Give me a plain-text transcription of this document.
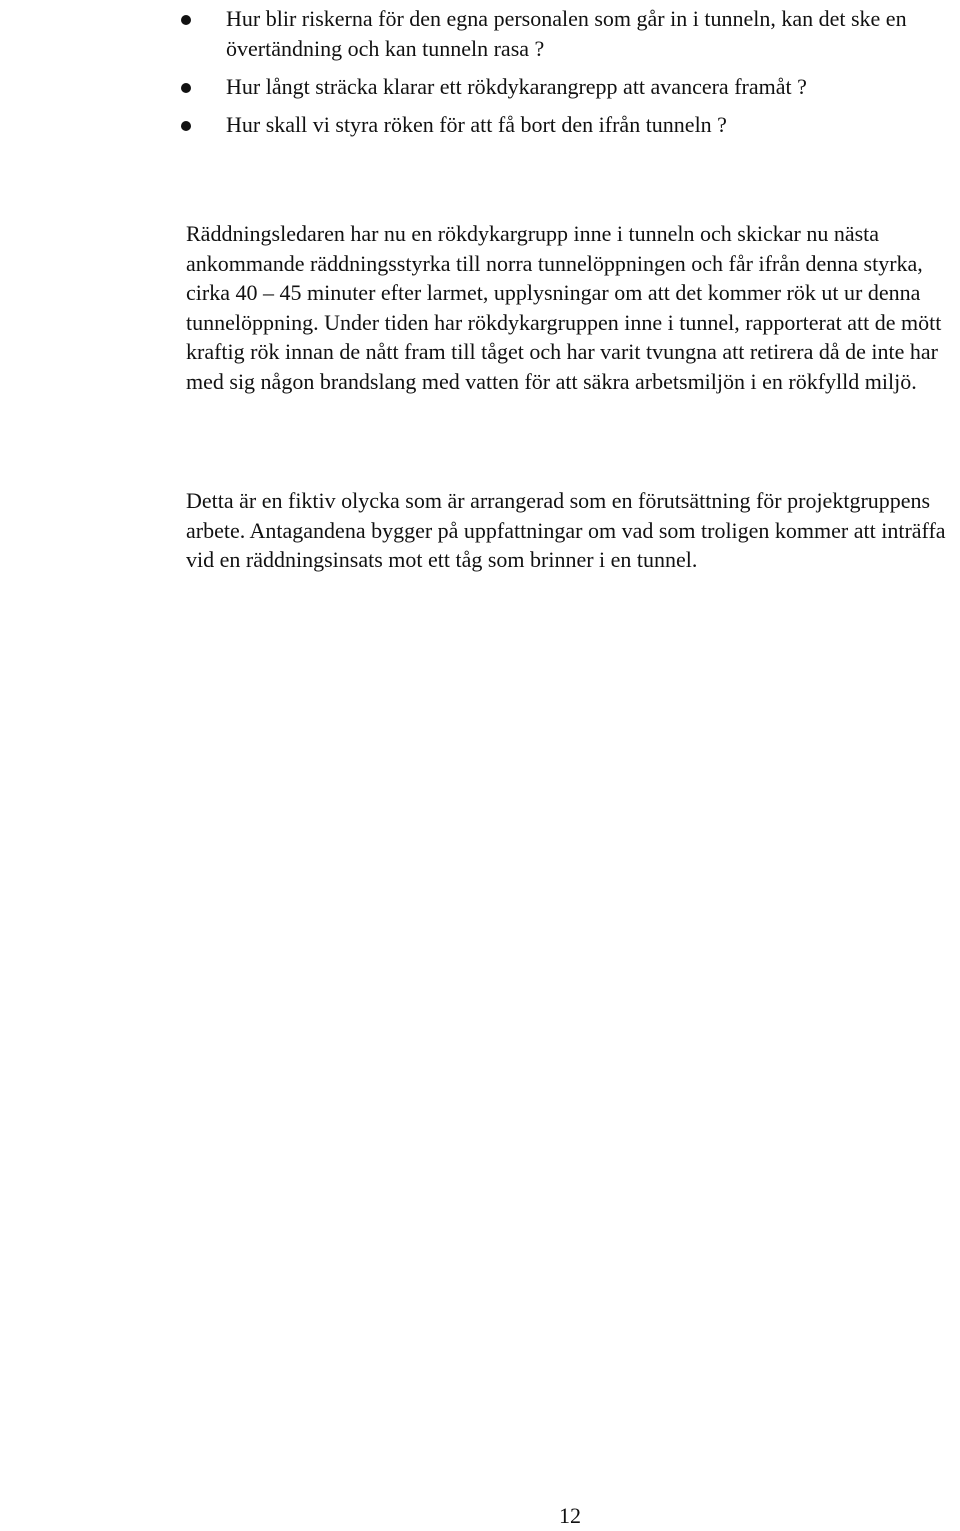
Hur blir riskerna för den egna personalen som går in i tunneln, kan det ske en övertändning och kan tunneln rasa ?
Hur långt sträcka klarar ett rökdykarangrepp att avancera framåt ?
Hur skall vi styra röken för att få bort den ifrån tunneln ?

Räddningsledaren har nu en rökdykargrupp inne i tunneln och skickar nu nästa ankommande räddningsstyrka till norra tunnelöppningen och får ifrån denna styrka, cirka 40 – 45 minuter efter larmet, upplysningar om att det kommer rök ut ur denna tunnelöppning. Under tiden har rökdykargruppen inne i tunnel, rapporterat att de mött kraftig rök innan de nått fram till tåget och har varit tvungna att retirera då de inte har med sig någon brandslang med vatten för att säkra arbetsmiljön i en rökfylld miljö.

Detta är en fiktiv olycka som är arrangerad som en förutsättning för projektgruppens arbete. Antagandena bygger på uppfattningar om vad som troligen kommer att inträffa vid en räddningsinsats mot ett tåg som brinner i en tunnel.

12
